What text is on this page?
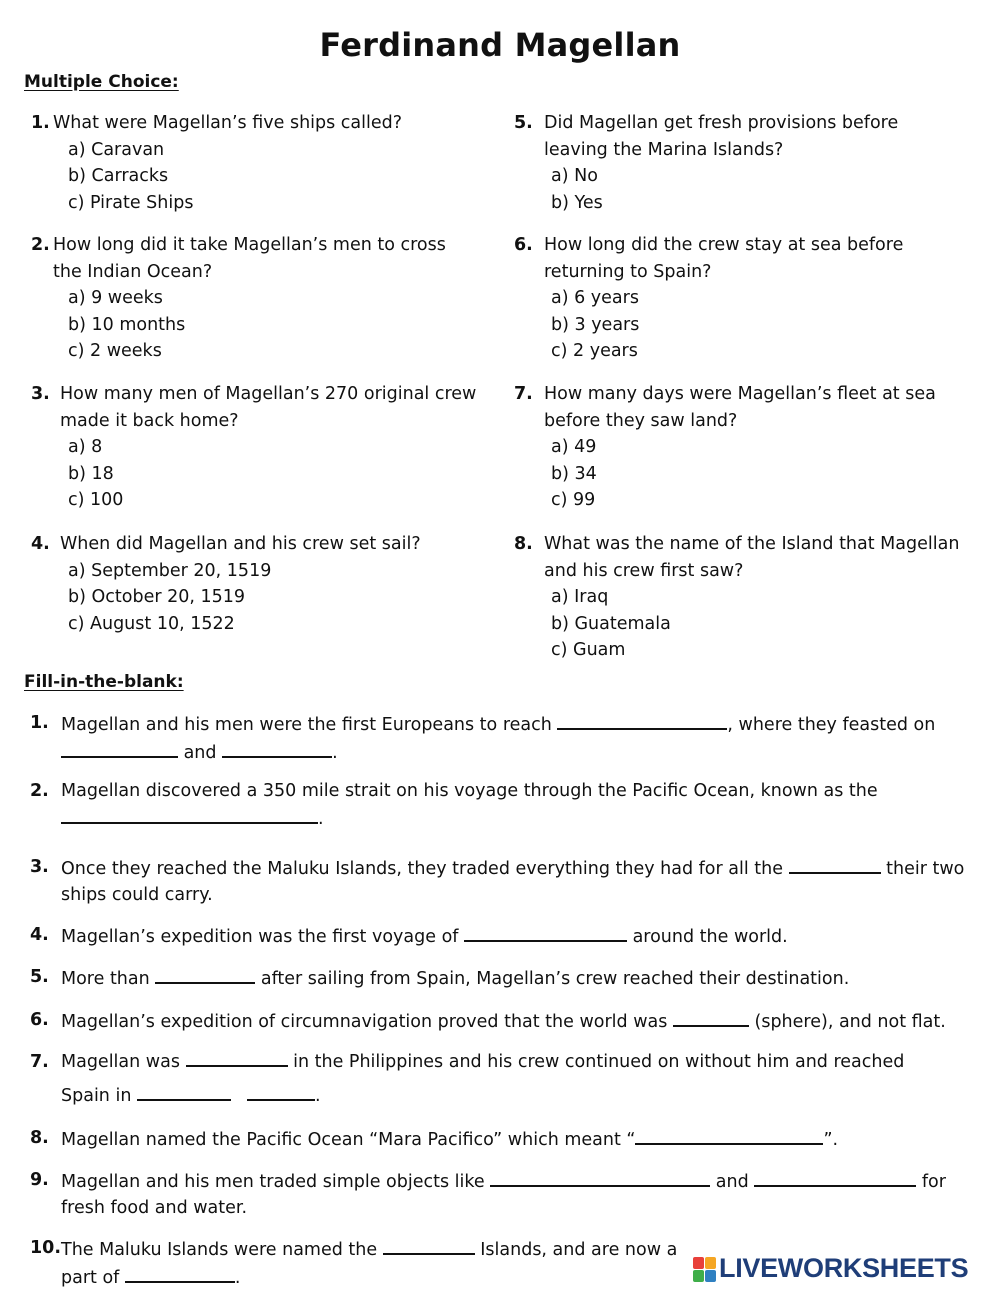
Ferdinand Magellan
Multiple Choice:
1. What were Magellan’s five ships called?
a) Caravan
b) Carracks
c) Pirate Ships
2. How long did it take Magellan’s men to cross
the Indian Ocean?
a) 9 weeks
b) 10 months
c) 2 weeks
3. How many men of Magellan’s 270 original crew
made it back home?
a) 8
b) 18
c) 100
4. When did Magellan and his crew set sail?
a) September 20, 1519
b) October 20, 1519
c) August 10, 1522
5. Did Magellan get fresh provisions before
leaving the Marina Islands?
a) No
b) Yes
6. How long did the crew stay at sea before
returning to Spain?
a) 6 years
b) 3 years
c) 2 years
7. How many days were Magellan’s fleet at sea
before they saw land?
a) 49
b) 34
c) 99
8. What was the name of the Island that Magellan
and his crew first saw?
a) Iraq
b) Guatemala
c) Guam
Fill-in-the-blank:
1. Magellan and his men were the first Europeans to reach	, where they feasted on
and	.
2. Magellan discovered a 350 mile strait on his voyage through the Pacific Ocean, known as the
.
3. Once they reached the Maluku Islands, they traded everything they had for all the	their two ships could carry.
4. Magellan’s expedition was the first voyage of	around the world.
5. More than	after sailing from Spain, Magellan’s crew reached their destination.
6. Magellan’s expedition of circumnavigation proved that the world was	(sphere), and not flat.
7. Magellan was	in the Philippines and his crew continued on without him and reached
Spain in	.
8. Magellan named the Pacific Ocean “Mara Pacifico” which meant “	”.
9. Magellan and his men traded simple objects like	and	for fresh food and water.
10. The Maluku Islands were named the	Islands, and are now a part of	.	LIVEWORKSHEETS
